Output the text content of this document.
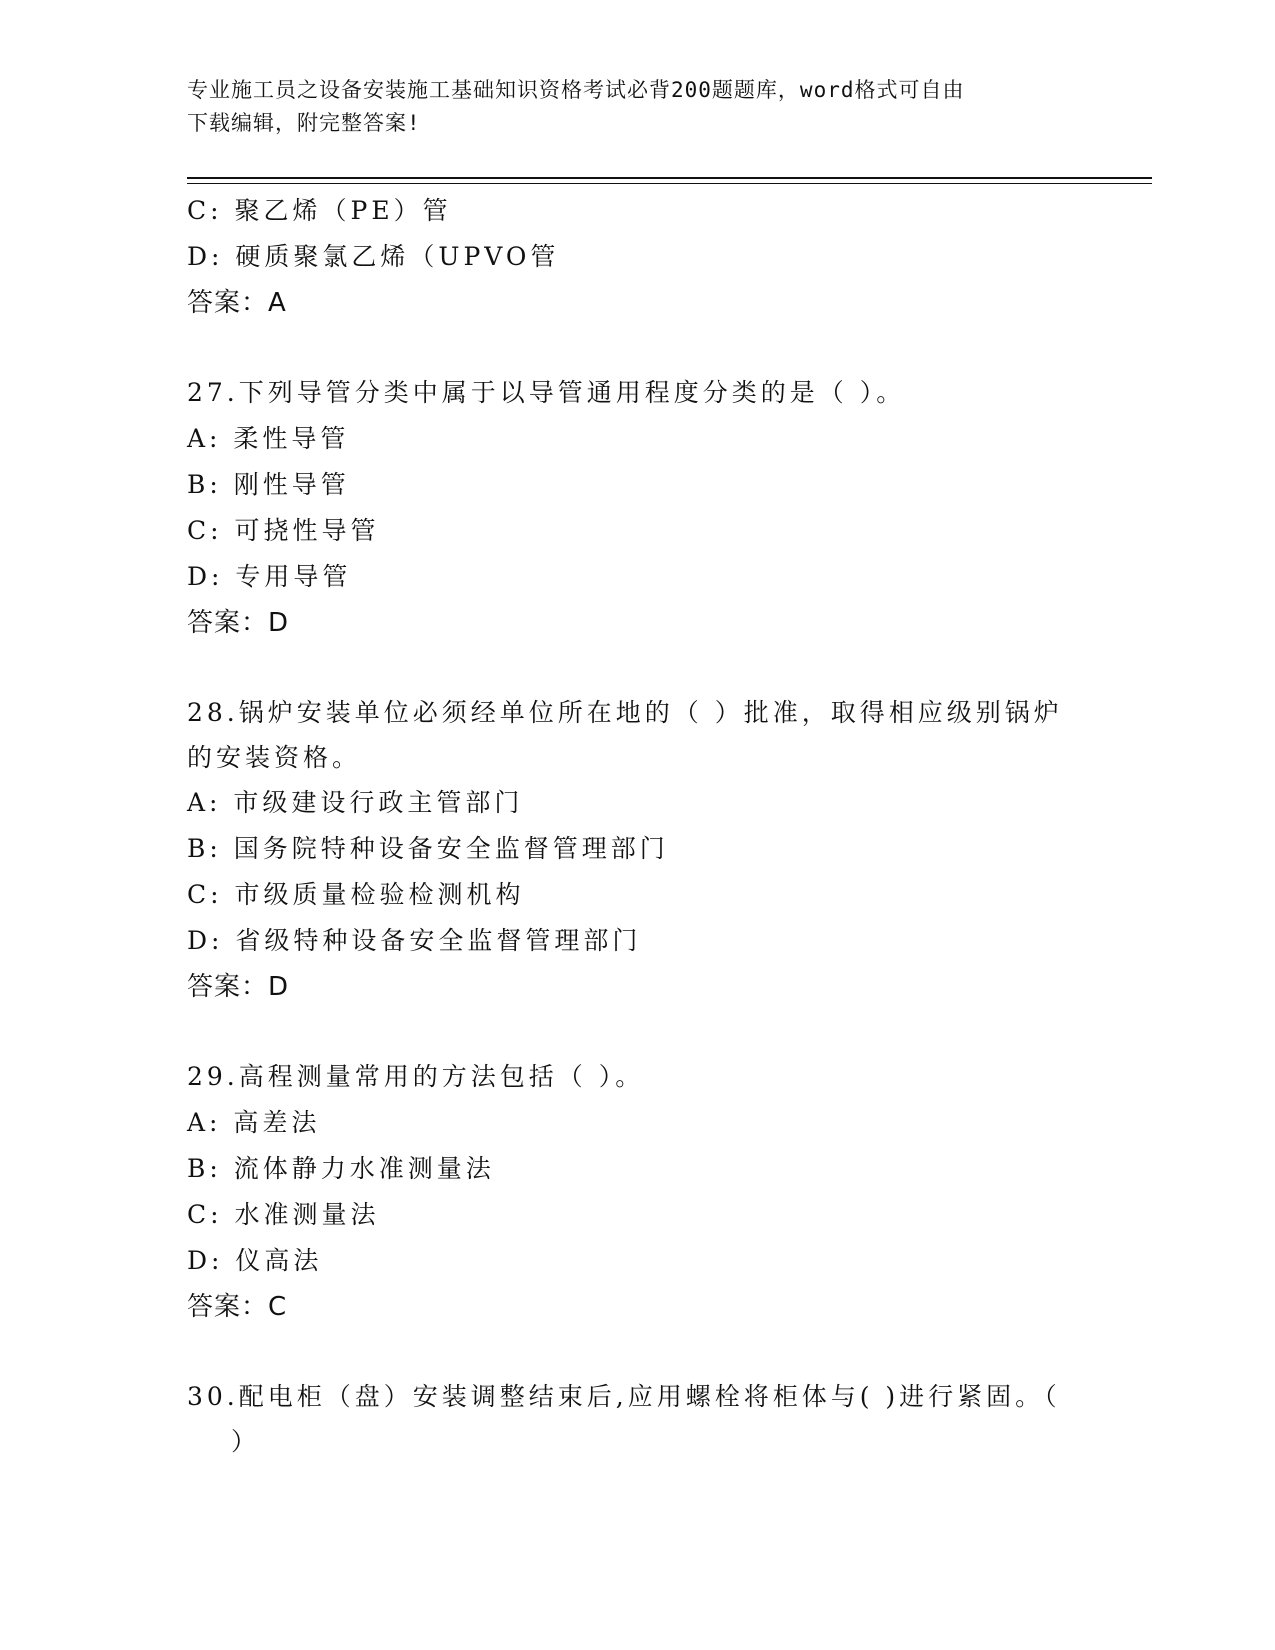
专业施工员之设备安装施工基础知识资格考试必背200题题库，word格式可自由
下载编辑，附完整答案!
C: 聚乙烯（PE）管
D: 硬质聚氯乙烯（UPVO管
答案：A
27.下列导管分类中属于以导管通用程度分类的是（ ）。
A: 柔性导管
B: 刚性导管
C: 可挠性导管
D: 专用导管
答案：D
28.锅炉安装单位必须经单位所在地的（ ）批准，取得相应级别锅炉
的安装资格。
A: 市级建设行政主管部门
B: 国务院特种设备安全监督管理部门
C: 市级质量检验检测机构
D: 省级特种设备安全监督管理部门
答案：D
29.高程测量常用的方法包括（ ）。
A: 高差法
B: 流体静力水准测量法
C: 水准测量法
D: 仪高法
答案：C
30.配电柜（盘）安装调整结束后,应用螺栓将柜体与( )进行紧固。（
）
